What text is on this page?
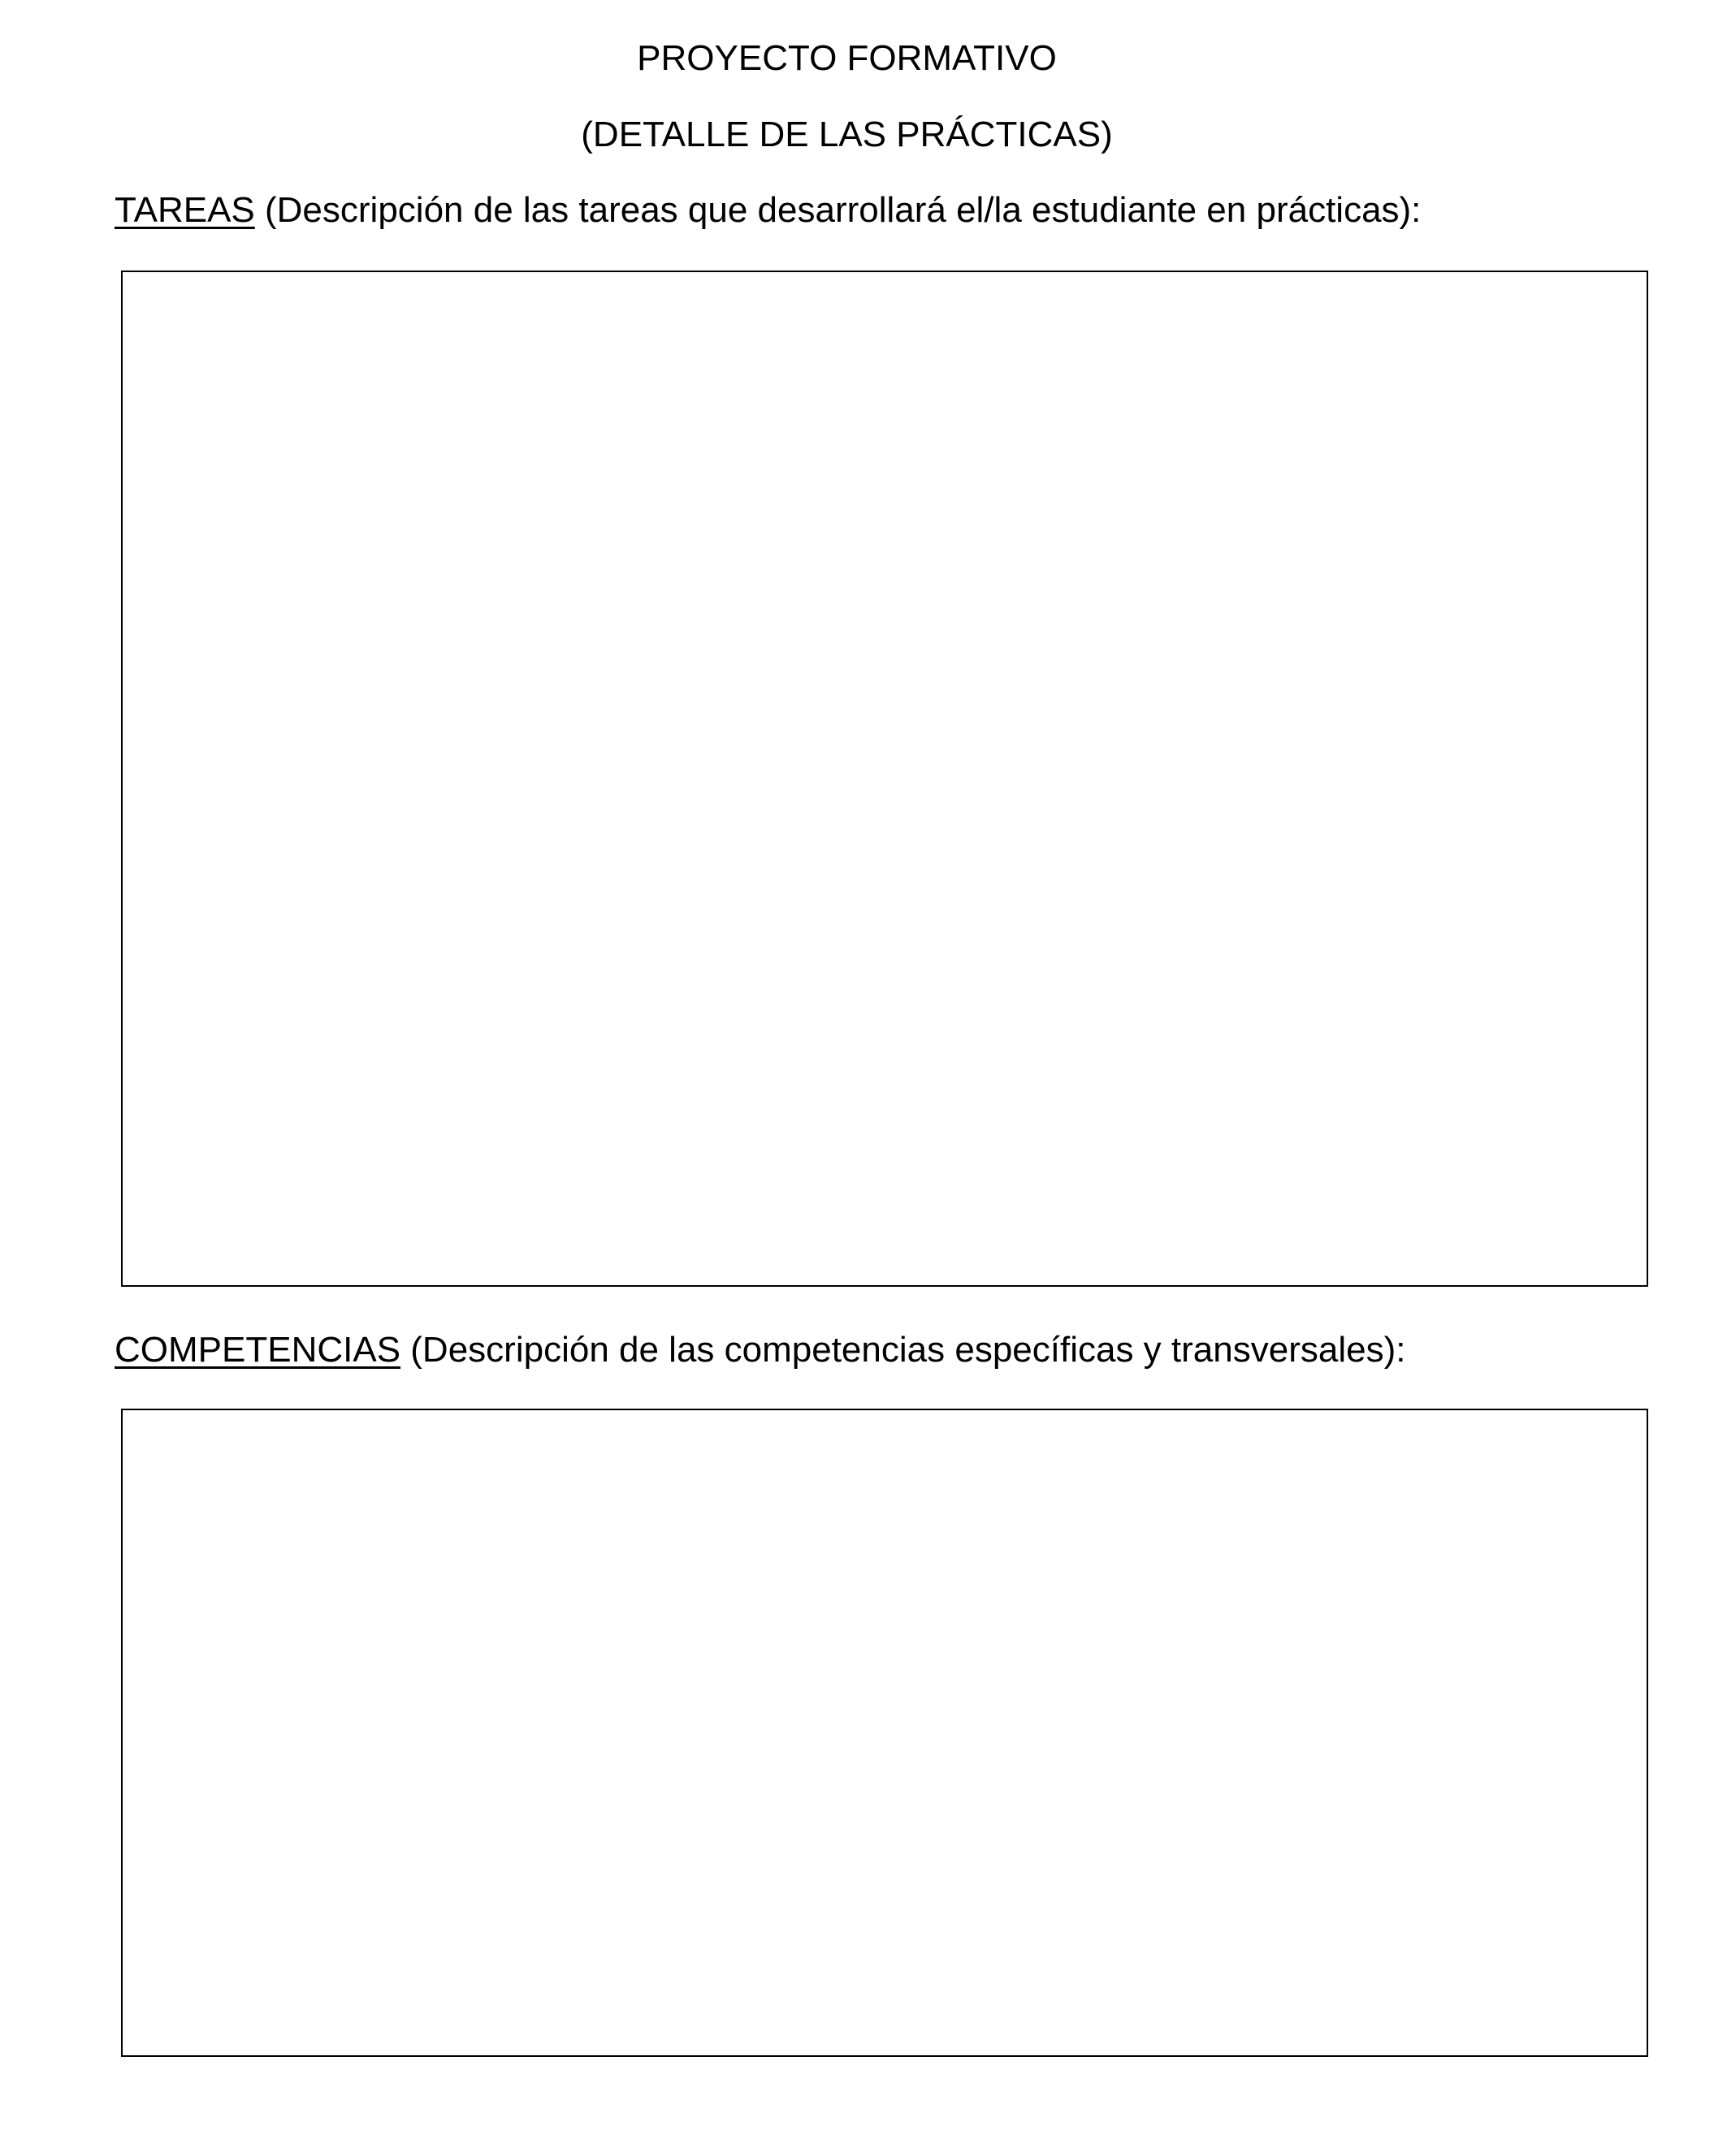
PROYECTO FORMATIVO
(DETALLE DE LAS PRÁCTICAS)
TAREAS (Descripción de las tareas que desarrollará el/la estudiante en prácticas):
COMPETENCIAS (Descripción de las competencias específicas y transversales):
